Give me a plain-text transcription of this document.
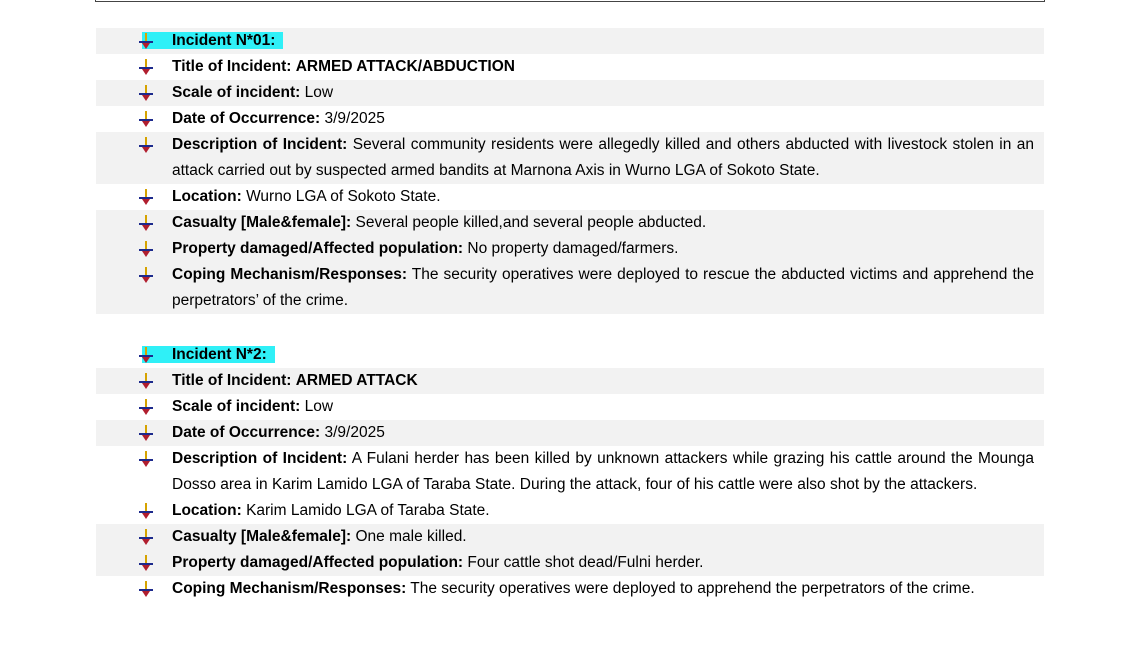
Incident N*01:
Title of Incident: ARMED ATTACK/ABDUCTION
Scale of incident: Low
Date of Occurrence: 3/9/2025
Description of Incident: Several community residents were allegedly killed and others abducted with livestock stolen in an attack carried out by suspected armed bandits at Marnona Axis in Wurno LGA of Sokoto State.
Location: Wurno LGA of Sokoto State.
Casualty [Male&female]: Several people killed,and several people abducted.
Property damaged/Affected population: No property damaged/farmers.
Coping Mechanism/Responses: The security operatives were deployed to rescue the abducted victims and apprehend the perpetrators’ of the crime.
Incident N*2:
Title of Incident: ARMED ATTACK
Scale of incident: Low
Date of Occurrence: 3/9/2025
Description of Incident: A Fulani herder has been killed by unknown attackers while grazing his cattle around the Mounga Dosso area in Karim Lamido LGA of Taraba State. During the attack, four of his cattle were also shot by the attackers.
Location: Karim Lamido LGA of Taraba State.
Casualty [Male&female]: One male killed.
Property damaged/Affected population: Four cattle shot dead/Fulni herder.
Coping Mechanism/Responses: The security operatives were deployed to apprehend the perpetrators of the crime.
